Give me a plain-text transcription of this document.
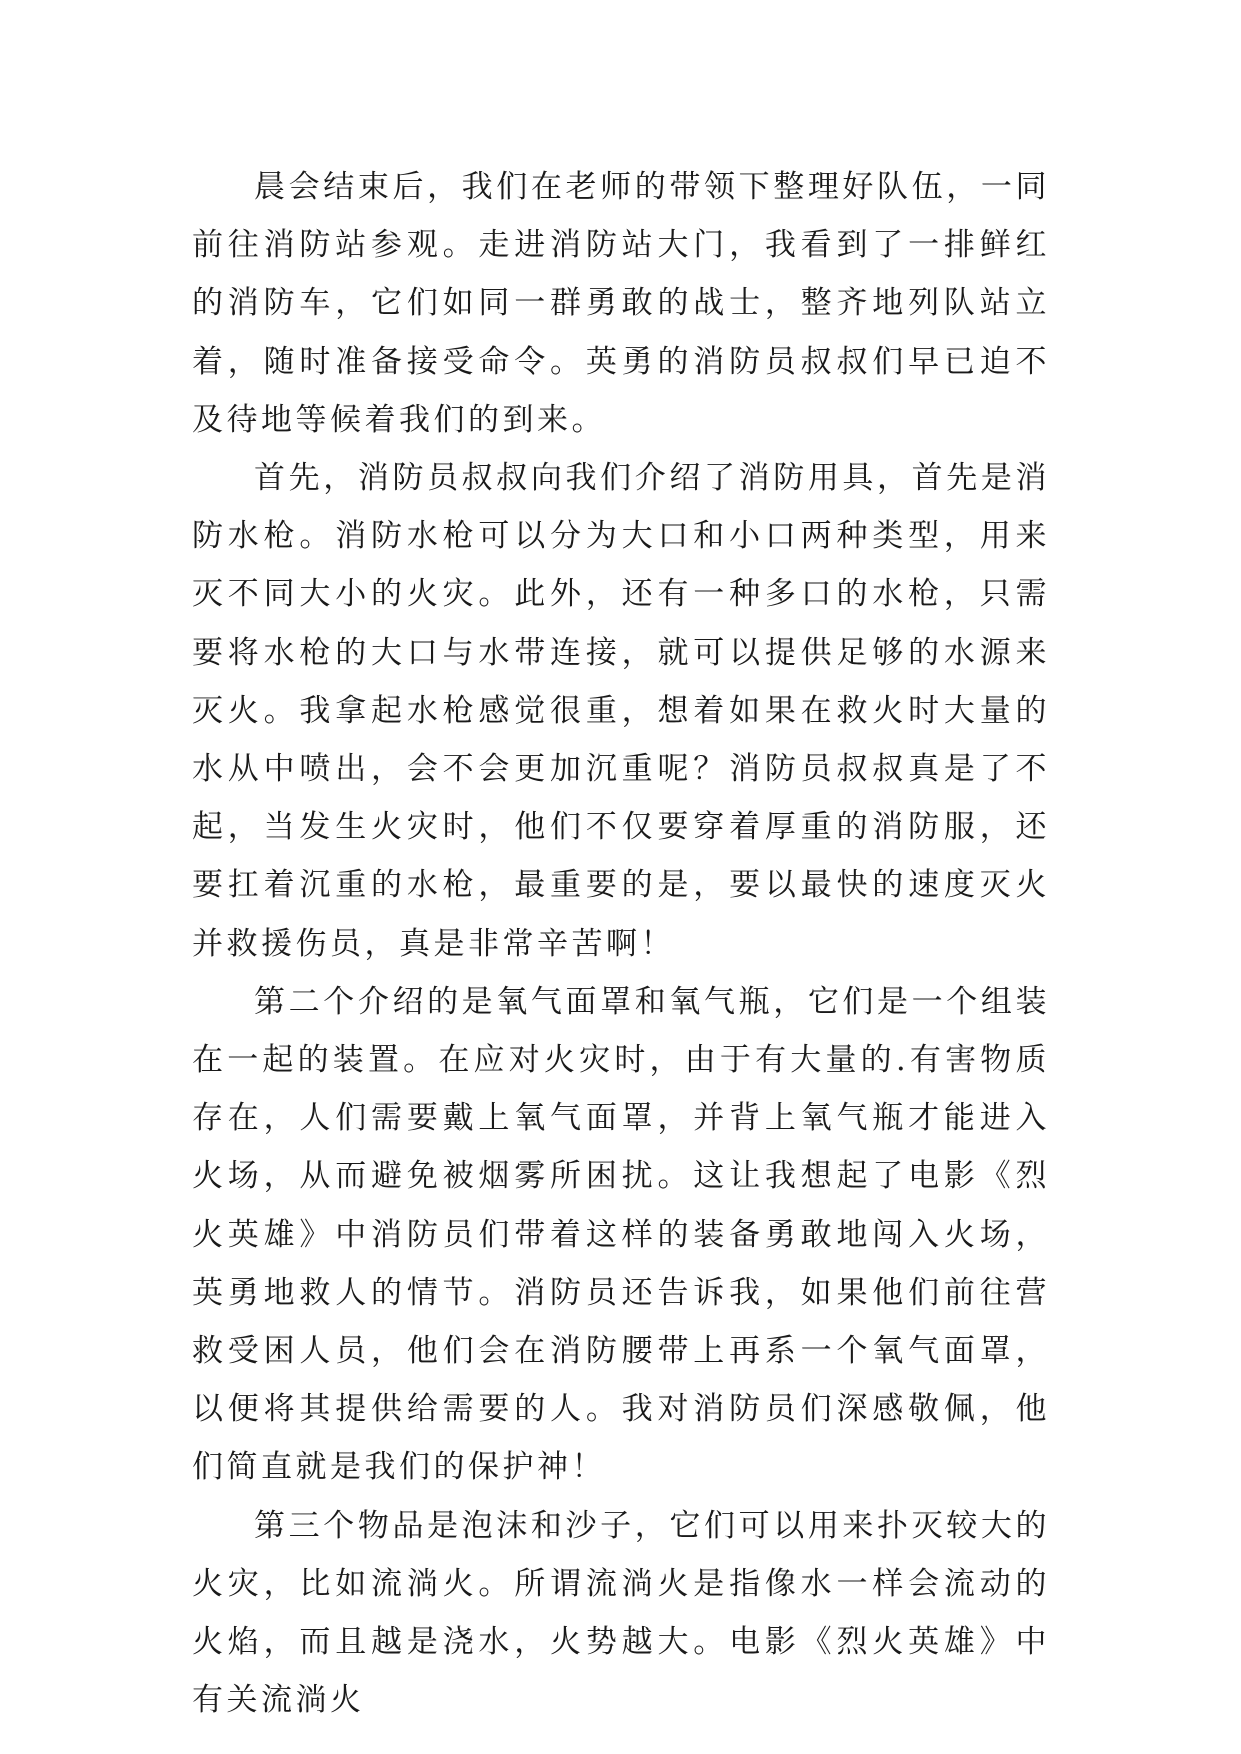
晨会结束后，我们在老师的带领下整理好队伍，一同前往消防站参观。走进消防站大门，我看到了一排鲜红的消防车，它们如同一群勇敢的战士，整齐地列队站立着，随时准备接受命令。英勇的消防员叔叔们早已迫不及待地等候着我们的到来。

首先，消防员叔叔向我们介绍了消防用具，首先是消防水枪。消防水枪可以分为大口和小口两种类型，用来灭不同大小的火灾。此外，还有一种多口的水枪，只需要将水枪的大口与水带连接，就可以提供足够的水源来灭火。我拿起水枪感觉很重，想着如果在救火时大量的水从中喷出，会不会更加沉重呢？消防员叔叔真是了不起，当发生火灾时，他们不仅要穿着厚重的消防服，还要扛着沉重的水枪，最重要的是，要以最快的速度灭火并救援伤员，真是非常辛苦啊！

第二个介绍的是氧气面罩和氧气瓶，它们是一个组装在一起的装置。在应对火灾时，由于有大量的.有害物质存在，人们需要戴上氧气面罩，并背上氧气瓶才能进入火场，从而避免被烟雾所困扰。这让我想起了电影《烈火英雄》中消防员们带着这样的装备勇敢地闯入火场，英勇地救人的情节。消防员还告诉我，如果他们前往营救受困人员，他们会在消防腰带上再系一个氧气面罩，以便将其提供给需要的人。我对消防员们深感敬佩，他们简直就是我们的保护神！

第三个物品是泡沫和沙子，它们可以用来扑灭较大的火灾，比如流淌火。所谓流淌火是指像水一样会流动的火焰，而且越是浇水，火势越大。电影《烈火英雄》中有关流淌火
